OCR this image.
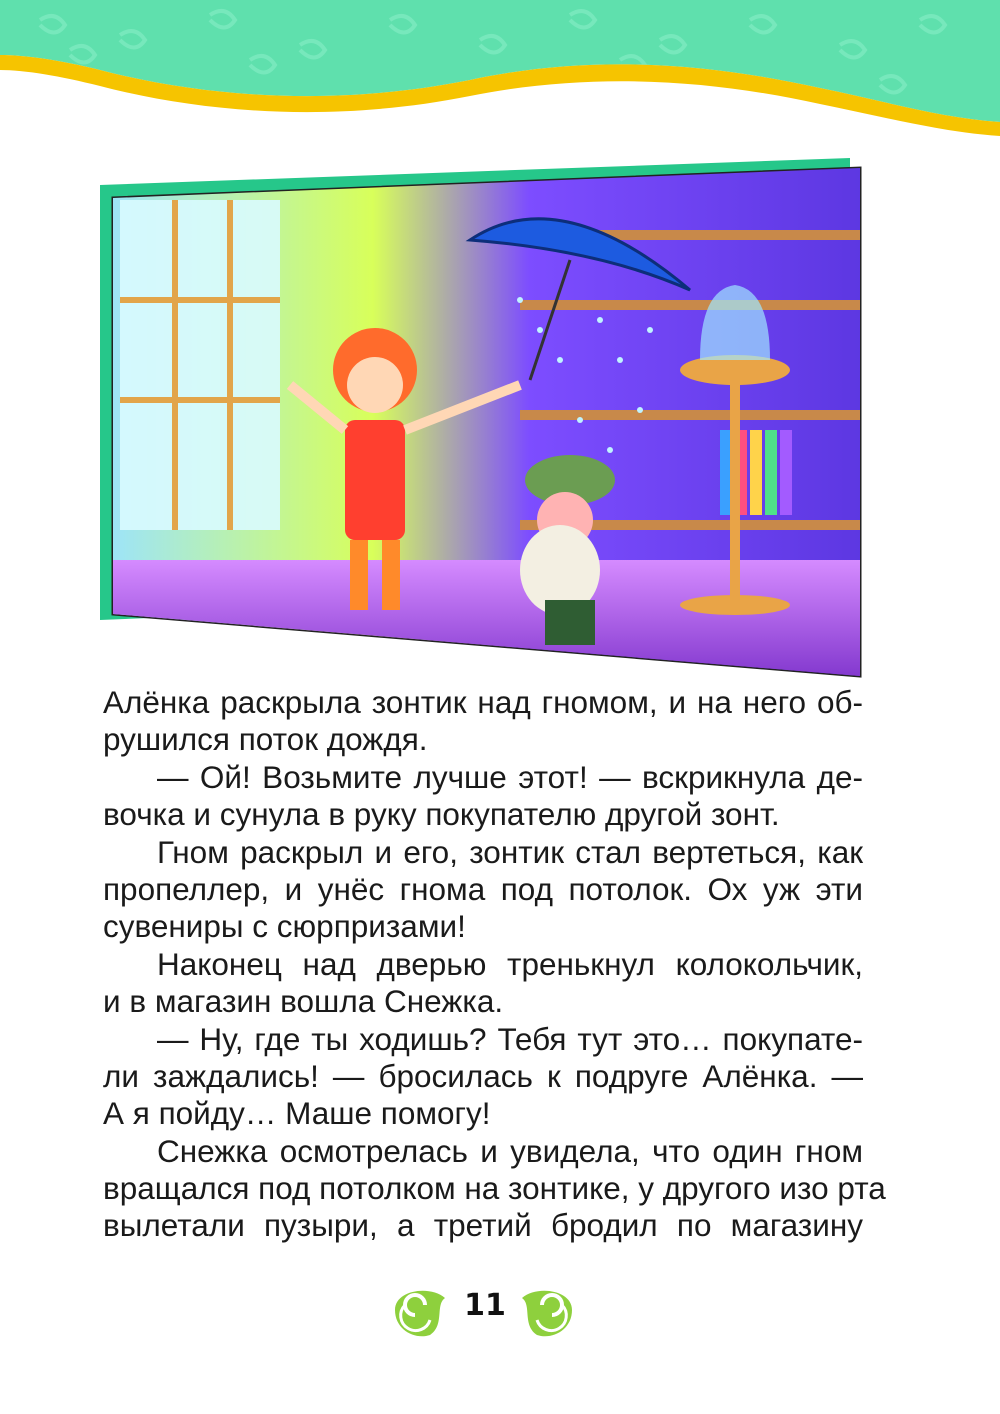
Алёнка раскрыла зонтик над гномом, и на него об-
рушился поток дождя.
— Ой! Возьмите лучше этот! — вскрикнула де-
вочка и сунула в руку покупателю другой зонт.
Гном раскрыл и его, зонтик стал вертеться, как
пропеллер, и унёс гнома под потолок. Ох уж эти
сувениры с сюрпризами!
Наконец над дверью тренькнул колокольчик,
и в магазин вошла Снежка.
— Ну, где ты ходишь? Тебя тут это… покупате-
ли заждались! — бросилась к подруге Алёнка. —
А я пойду… Маше помогу!
Снежка осмотрелась и увидела, что один гном
вращался под потолком на зонтике, у другого изо рта
вылетали пузыри, а третий бродил по магазину
11
